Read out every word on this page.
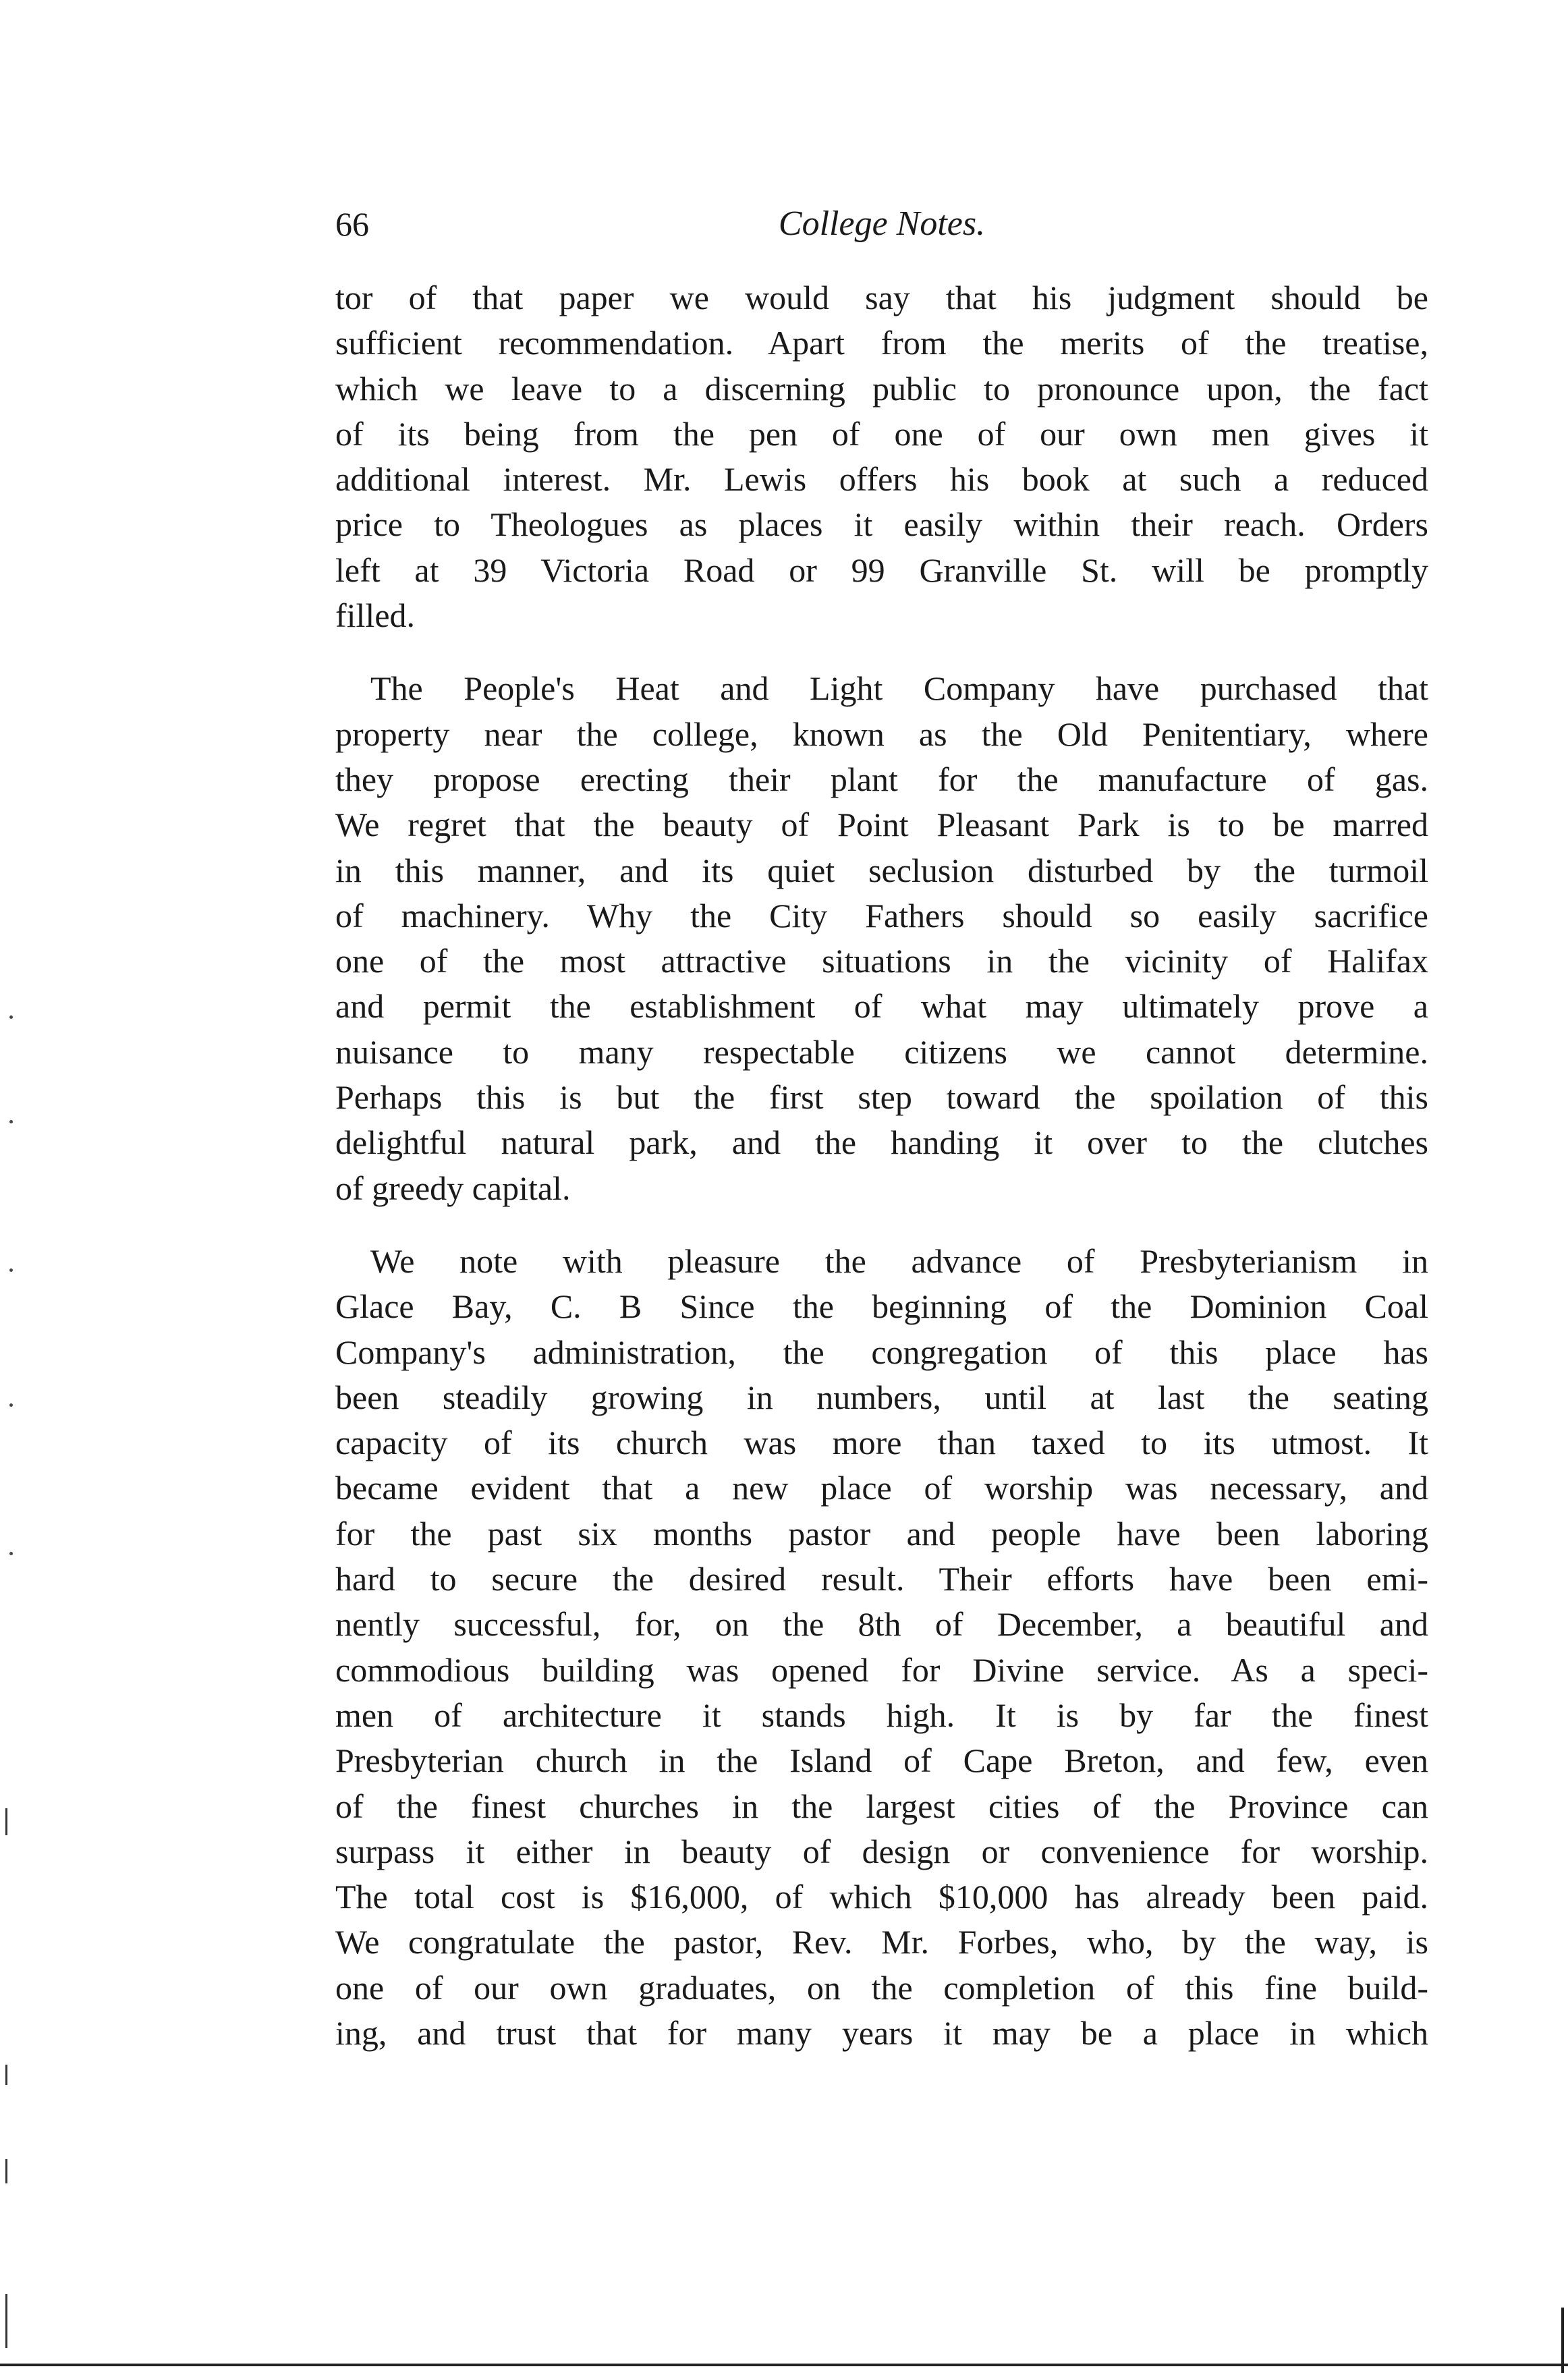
66	College Notes.
tor of that paper we would say that his judgment should be
sufficient recommendation. Apart from the merits of the treatise,
which we leave to a discerning public to pronounce upon, the fact
of its being from the pen of one of our own men gives it
additional interest. Mr. Lewis offers his book at such a reduced
price to Theologues as places it easily within their reach. Orders
left at 39 Victoria Road or 99 Granville St. will be promptly
filled.
The People's Heat and Light Company have purchased that
property near the college, known as the Old Penitentiary, where
they propose erecting their plant for the manufacture of gas.
We regret that the beauty of Point Pleasant Park is to be marred
in this manner, and its quiet seclusion disturbed by the turmoil
of machinery. Why the City Fathers should so easily sacrifice
one of the most attractive situations in the vicinity of Halifax
and permit the establishment of what may ultimately prove a
nuisance to many respectable citizens we cannot determine.
Perhaps this is but the first step toward the spoilation of this
delightful natural park, and the handing it over to the clutches
of greedy capital.
We note with pleasure the advance of Presbyterianism in
Glace Bay, C. B Since the beginning of the Dominion Coal
Company's administration, the congregation of this place has
been steadily growing in numbers, until at last the seating
capacity of its church was more than taxed to its utmost. It
became evident that a new place of worship was necessary, and
for the past six months pastor and people have been laboring
hard to secure the desired result. Their efforts have been emi-
nently successful, for, on the 8th of December, a beautiful and
commodious building was opened for Divine service. As a speci-
men of architecture it stands high. It is by far the finest
Presbyterian church in the Island of Cape Breton, and few, even
of the finest churches in the largest cities of the Province can
surpass it either in beauty of design or convenience for worship.
The total cost is $16,000, of which $10,000 has already been paid.
We congratulate the pastor, Rev. Mr. Forbes, who, by the way, is
one of our own graduates, on the completion of this fine build-
ing, and trust that for many years it may be a place in which
